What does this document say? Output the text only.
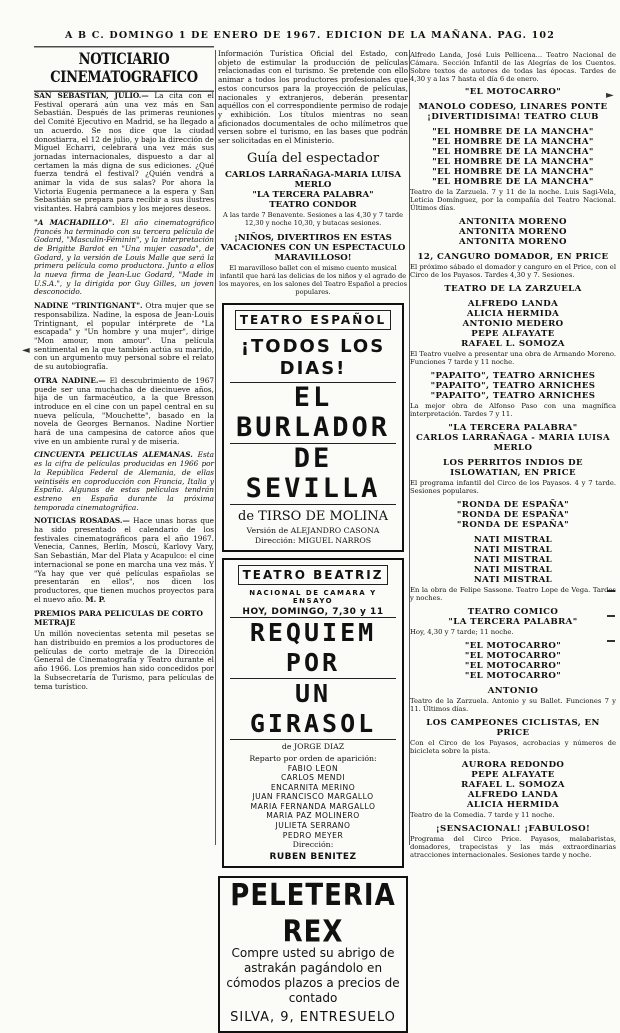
A B C. DOMINGO 1 DE ENERO DE 1967. EDICION DE LA MAÑANA. PAG. 102
◄
►
NOTICIARIO CINEMATOGRAFICO

SAN SEBASTIAN, JULIO.— La cita con el Festival operará aún una vez más en San Sebastián. Después de las primeras reuniones del Comité Ejecutivo en Madrid, se ha llegado a un acuerdo. Se nos dice que la ciudad donostiarra, el 12 de julio, y bajo la dirección de Miguel Echarri, celebrará una vez más sus jornadas internacionales, dispuesto a dar al certamen la más digna de sus ediciones. ¿Qué fuerza tendrá el festival? ¿Quién vendrá a animar la vida de sus salas? Por ahora la Victoria Eugenia permanece a la espera y San Sebastián se prepara para recibir a sus ilustres visitantes. Habrá cambios y los mejores deseos.

"A MACHADILLO". El año cinematográfico francés ha terminado con su tercera película de Godard, "Masculin-Féminin", y la interpretación de Brigitte Bardot en "Una mujer casada", de Godard, y la versión de Louis Malle que será la primera película como productora. Junto a ellos la nueva firma de Jean-Luc Godard, "Made in U.S.A.", y la dirigida por Guy Gilles, un joven desconocido.

NADINE "TRINTIGNANT". Otra mujer que se responsabiliza. Nadine, la esposa de Jean-Louis Trintignant, el popular intérprete de "La escapada" y "Un hombre y una mujer", dirige "Mon amour, mon amour". Una película sentimental en la que también actúa su marido, con un argumento muy personal sobre el relato de su autobiografía.

OTRA NADINE.— El descubrimiento de 1967 puede ser una muchacha de diecinueve años, hija de un farmacéutico, a la que Bresson introduce en el cine con un papel central en su nueva película, "Mouchette", basado en la novela de Georges Bernanos. Nadine Nortier hará de una campesina de catorce años que vive en un ambiente rural y de miseria.

CINCUENTA PELICULAS ALEMANAS. Esta es la cifra de películas producidas en 1966 por la República Federal de Alemania, de ellas veintiséis en coproducción con Francia, Italia y España. Algunas de estas películas tendrán estreno en España durante la próxima temporada cinematográfica.

NOTICIAS ROSADAS.— Hace unas horas que ha sido presentado el calendario de los festivales cinematográficos para el año 1967. Venecia, Cannes, Berlín, Moscú, Karlovy Vary, San Sebastián, Mar del Plata y Acapulco: el cine internacional se pone en marcha una vez más. Y "Ya hay que ver qué películas españolas se presentarán en ellos", nos dicen los productores, que tienen muchos proyectos para el nuevo año. M. P.

PREMIOS PARA PELICULAS DE CORTO METRAJE

Un millón novecientas setenta mil pesetas se han distribuido en premios a los productores de películas de corto metraje de la Dirección General de Cinematografía y Teatro durante el año 1966. Los premios han sido concedidos por la Subsecretaría de Turismo, para películas de tema turístico.

Información Turística Oficial del Estado, con objeto de estimular la producción de películas relacionadas con el turismo. Se pretende con ello animar a todos los productores profesionales que estos concursos para la proyección de películas, nacionales y extranjeros, deberán presentar aquéllos con el correspondiente permiso de rodaje y exhibición. Los títulos mientras no sean aficionados documentales de ocho milímetros que versen sobre el turismo, en las bases que podrán ser solicitadas en el Ministerio.

Guía del espectador

CARLOS LARRAÑAGA-MARIA LUISA MERLO

"LA TERCERA PALABRA"

TEATRO CONDOR

A las tarde 7 Benavente. Sesiones a las 4,30 y 7 tarde 12,30 y noche 10,30, y butacas sesiones.

¡NIÑOS, DIVERTIROS EN ESTAS VACACIONES CON UN ESPECTACULO MARAVILLOSO!

El maravilloso ballet con el mismo cuento musical infantil que hará las delicias de los niños y el agrado de los mayores, en los salones del Teatro Español a precios populares.

TEATRO ESPAÑOL
¡TODOS LOS DIAS!
EL BURLADOR
DE SEVILLA
de TIRSO DE MOLINA
Versión de ALEJANDRO CASONA
Dirección: MIGUEL NARROS
TEATRO BEATRIZ
NACIONAL DE CAMARA Y ENSAYO
HOY, DOMINGO, 7,30 y 11
REQUIEM POR
UN GIRASOL
de JORGE DIAZ
Reparto por orden de aparición:
FABIO LEON
CARLOS MENDI
ENCARNITA MERINO
JUAN FRANCISCO MARGALLO
MARIA FERNANDA MARGALLO
MARIA PAZ MOLINERO
JULIETA SERRANO
PEDRO MEYER
Dirección:
RUBEN BENITEZ
PELETERIA REX
Compre usted su abrigo de astrakán pagándolo en cómodos plazos a precios de contado
SILVA, 9, ENTRESUELO

Alfredo Landa, José Luis Pellicena... Teatro Nacional de Cámara. Sección Infantil de las Alegrías de los Cuentos. Sobre textos de autores de todas las épocas. Tardes de 4,30 y a las 7 hasta el día 6 de enero.

"EL MOTOCARRO"
MANOLO CODESO, LINARES PONTE
¡DIVERTIDISIMA! TEATRO CLUB
"EL HOMBRE DE LA MANCHA"
"EL HOMBRE DE LA MANCHA"
"EL HOMBRE DE LA MANCHA"
"EL HOMBRE DE LA MANCHA"
"EL HOMBRE DE LA MANCHA"
"EL HOMBRE DE LA MANCHA"
Teatro de la Zarzuela. 7 y 11 de la noche. Luis Sagi-Vela, Leticia Domínguez, por la compañía del Teatro Nacional. Últimos días.
ANTONITA MORENO
ANTONITA MORENO
ANTONITA MORENO
12, CANGURO DOMADOR, EN PRICE
El próximo sábado el domador y canguro en el Price, con el Circo de los Payasos. Tardes 4,30 y 7. Sesiones.
TEATRO DE LA ZARZUELA
ALFREDO LANDA
ALICIA HERMIDA
ANTONIO MEDERO
PEPE ALFAYATE
RAFAEL L. SOMOZA
El Teatro vuelve a presentar una obra de Armando Moreno. Funciones 7 tarde y 11 noche.
"PAPAITO", TEATRO ARNICHES
"PAPAITO", TEATRO ARNICHES
"PAPAITO", TEATRO ARNICHES
La mejor obra de Alfonso Paso con una magnífica interpretación. Tardes 7 y 11.
"LA TERCERA PALABRA"
CARLOS LARRAÑAGA - MARIA LUISA MERLO
LOS PERRITOS INDIOS DE ISLOWATIAN, EN PRICE
El programa infantil del Circo de los Payasos. 4 y 7 tarde. Sesiones populares.
"RONDA DE ESPAÑA"
"RONDA DE ESPAÑA"
"RONDA DE ESPAÑA"
NATI MISTRAL
NATI MISTRAL
NATI MISTRAL
NATI MISTRAL
NATI MISTRAL
En la obra de Felipe Sassone. Teatro Lope de Vega. Tardes y noches.
TEATRO COMICO
"LA TERCERA PALABRA"
Hoy, 4,30 y 7 tarde; 11 noche.
"EL MOTOCARRO"
"EL MOTOCARRO"
"EL MOTOCARRO"
"EL MOTOCARRO"
ANTONIO
Teatro de la Zarzuela. Antonio y su Ballet. Funciones 7 y 11. Últimos días.
LOS CAMPEONES CICLISTAS, EN PRICE
Con el Circo de los Payasos, acrobacias y números de bicicleta sobre la pista.
AURORA REDONDO
PEPE ALFAYATE
RAFAEL L. SOMOZA
ALFREDO LANDA
ALICIA HERMIDA
Teatro de la Comedia. 7 tarde y 11 noche.
¡SENSACIONAL! ¡FABULOSO!
Programa del Circo Price. Payasos, malabaristas, domadores, trapecistas y las más extraordinarias atracciones internacionales. Sesiones tarde y noche.
